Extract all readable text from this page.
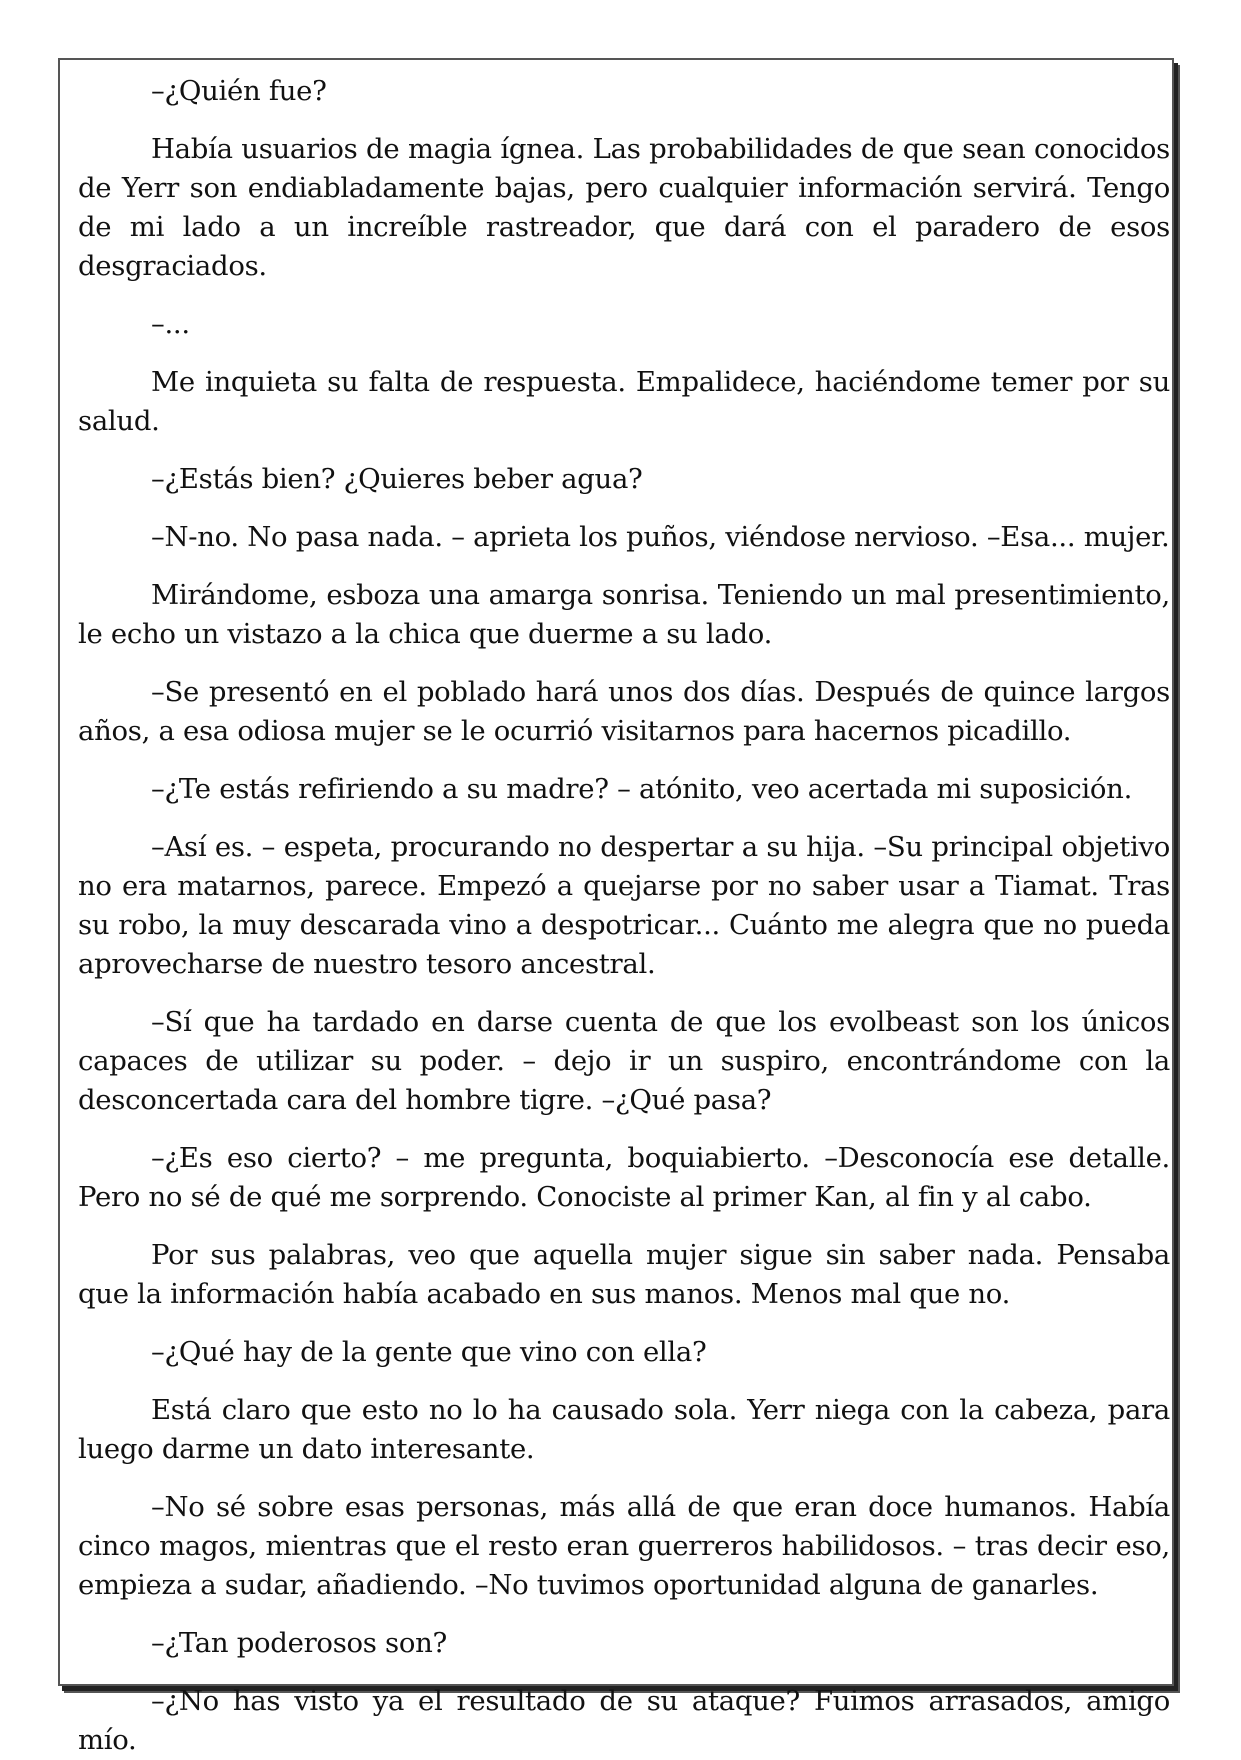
–¿Quién fue?

Había usuarios de magia ígnea. Las probabilidades de que sean conocidos de Yerr son endiabladamente bajas, pero cualquier información servirá. Tengo de mi lado a un increíble rastreador, que dará con el paradero de esos desgraciados.

–...

Me inquieta su falta de respuesta. Empalidece, haciéndome temer por su salud.

–¿Estás bien? ¿Quieres beber agua?

–N-no. No pasa nada. – aprieta los puños, viéndose nervioso. –Esa... mujer.

Mirándome, esboza una amarga sonrisa. Teniendo un mal presentimiento, le echo un vistazo a la chica que duerme a su lado.

–Se presentó en el poblado hará unos dos días. Después de quince largos años, a esa odiosa mujer se le ocurrió visitarnos para hacernos picadillo.

–¿Te estás refiriendo a su madre? – atónito, veo acertada mi suposición.

–Así es. – espeta, procurando no despertar a su hija. –Su principal objetivo no era matarnos, parece. Empezó a quejarse por no saber usar a Tiamat. Tras su robo, la muy descarada vino a despotricar... Cuánto me alegra que no pueda aprovecharse de nuestro tesoro ancestral.

–Sí que ha tardado en darse cuenta de que los evolbeast son los únicos capaces de utilizar su poder. – dejo ir un suspiro, encontrándome con la desconcertada cara del hombre tigre. –¿Qué pasa?

–¿Es eso cierto? – me pregunta, boquiabierto. –Desconocía ese detalle. Pero no sé de qué me sorprendo. Conociste al primer Kan, al fin y al cabo.

Por sus palabras, veo que aquella mujer sigue sin saber nada. Pensaba que la información había acabado en sus manos. Menos mal que no.

–¿Qué hay de la gente que vino con ella?

Está claro que esto no lo ha causado sola. Yerr niega con la cabeza, para luego darme un dato interesante.

–No sé sobre esas personas, más allá de que eran doce humanos. Había cinco magos, mientras que el resto eran guerreros habilidosos. – tras decir eso, empieza a sudar, añadiendo. –No tuvimos oportunidad alguna de ganarles.

–¿Tan poderosos son?

–¿No has visto ya el resultado de su ataque? Fuimos arrasados, amigo mío.
